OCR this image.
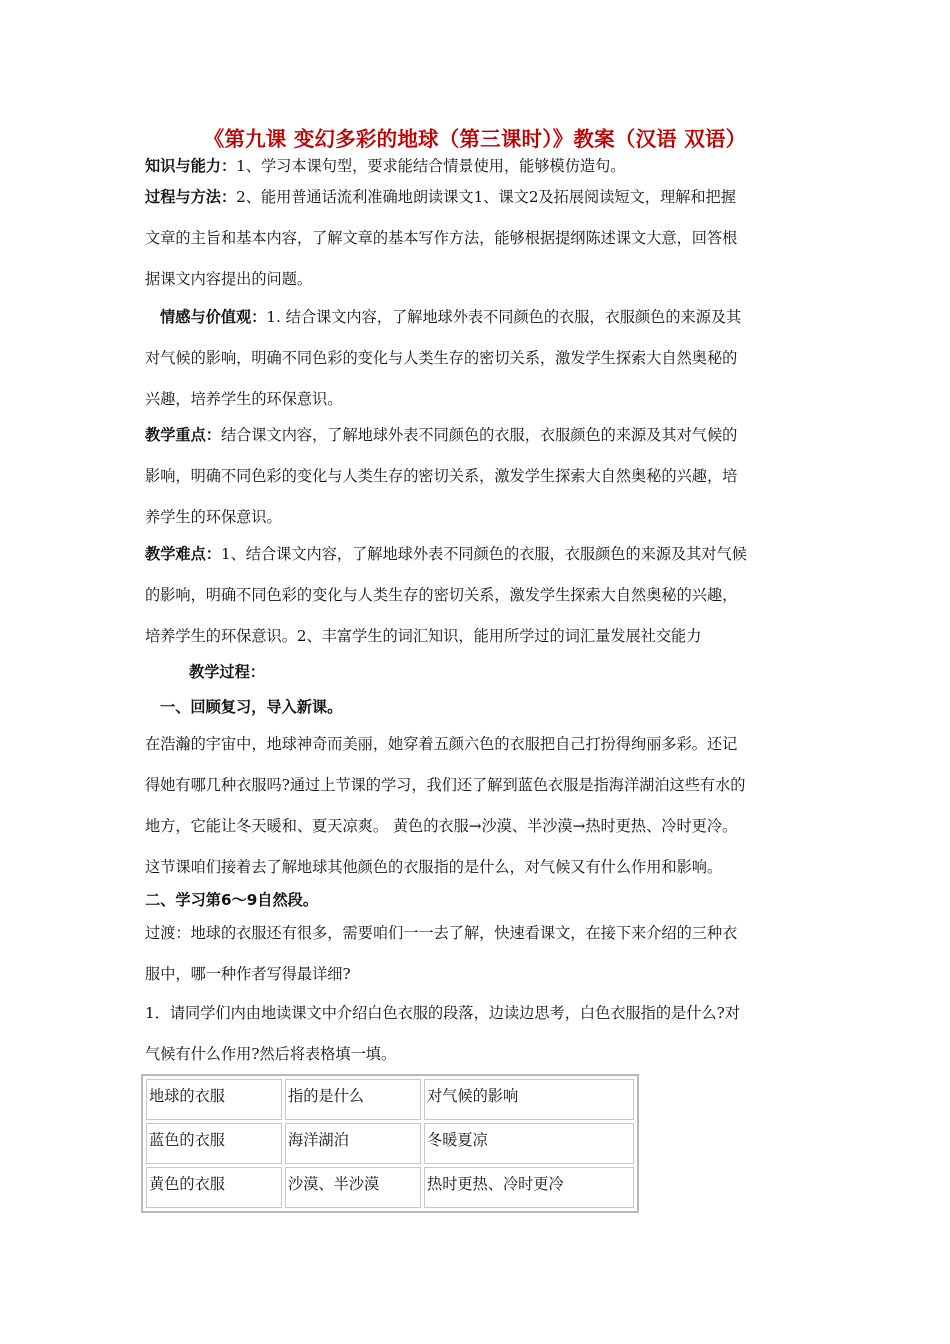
《第九课 变幻多彩的地球（第三课时）》教案（汉语 双语）
知识与能力：1、学习本课句型，要求能结合情景使用，能够模仿造句。
过程与方法：2、能用普通话流利准确地朗读课文1、课文2及拓展阅读短文，理解和把握
文章的主旨和基本内容，了解文章的基本写作方法，能够根据提纲陈述课文大意，回答根
据课文内容提出的问题。
情感与价值观：1. 结合课文内容，了解地球外表不同颜色的衣服，衣服颜色的来源及其
对气候的影响，明确不同色彩的变化与人类生存的密切关系，激发学生探索大自然奥秘的
兴趣，培养学生的环保意识。
教学重点：结合课文内容，了解地球外表不同颜色的衣服，衣服颜色的来源及其对气候的
影响，明确不同色彩的变化与人类生存的密切关系，激发学生探索大自然奥秘的兴趣，培
养学生的环保意识。
教学难点：1、结合课文内容，了解地球外表不同颜色的衣服，衣服颜色的来源及其对气候
的影响，明确不同色彩的变化与人类生存的密切关系，激发学生探索大自然奥秘的兴趣，
培养学生的环保意识。2、丰富学生的词汇知识，能用所学过的词汇量发展社交能力
教学过程：
一、回顾复习，导入新课。
在浩瀚的宇宙中，地球神奇而美丽，她穿着五颜六色的衣服把自己打扮得绚丽多彩。还记
得她有哪几种衣服吗?通过上节课的学习，我们还了解到蓝色衣服是指海洋湖泊这些有水的
地方，它能让冬天暖和、夏天凉爽。 黄色的衣服→沙漠、半沙漠→热时更热、冷时更冷。
这节课咱们接着去了解地球其他颜色的衣服指的是什么，对气候又有什么作用和影响。
二、学习第6～9自然段。
过渡：地球的衣服还有很多，需要咱们一一去了解，快速看课文，在接下来介绍的三种衣
服中，哪一种作者写得最详细?
1．请同学们内由地读课文中介绍白色衣服的段落，边读边思考，白色衣服指的是什么?对
气候有什么作用?然后将表格填一填。
地球的衣服	指的是什么	对气候的影响
蓝色的衣服	海洋湖泊	冬暖夏凉
黄色的衣服	沙漠、半沙漠	热时更热、冷时更冷
